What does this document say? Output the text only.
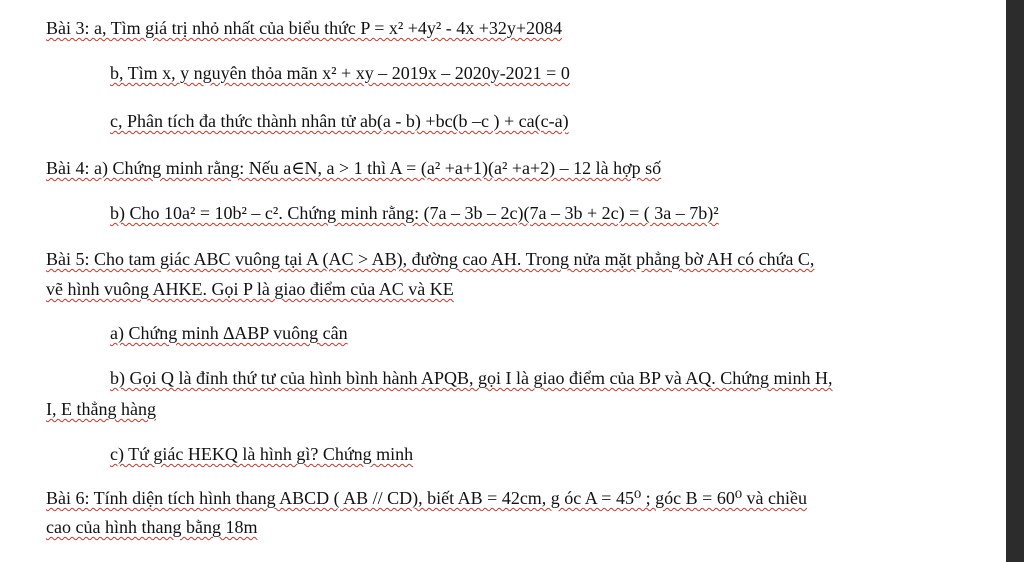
Bài 3: a, Tìm giá trị nhỏ nhất của biểu thức P = x² +4y² - 4x +32y+2084
b, Tìm x, y nguyên thỏa mãn x² + xy – 2019x – 2020y-2021 = 0
c, Phân tích đa thức thành nhân tử ab(a - b) +bc(b –c ) + ca(c-a)
Bài 4: a) Chứng minh rằng: Nếu a∈N, a > 1 thì A = (a² +a+1)(a² +a+2) – 12 là hợp số
b) Cho 10a² = 10b² – c². Chứng minh rằng: (7a – 3b – 2c)(7a – 3b + 2c) = ( 3a – 7b)²
Bài 5: Cho tam giác ABC vuông tại A (AC > AB), đường cao AH. Trong nửa mặt phẳng bờ AH có chứa C,
vẽ hình vuông AHKE. Gọi P là giao điểm của AC và KE
a) Chứng minh ∆ABP vuông cân
b) Gọi Q là đỉnh thứ tư của hình bình hành APQB, gọi I là giao điểm của BP và AQ. Chứng minh H,
I, E thẳng hàng
c) Tứ giác HEKQ là hình gì? Chứng minh
Bài 6: Tính diện tích hình thang ABCD ( AB // CD), biết AB = 42cm, g óc A = 45⁰ ; góc B = 60⁰ và chiều
cao của hình thang bằng 18m
